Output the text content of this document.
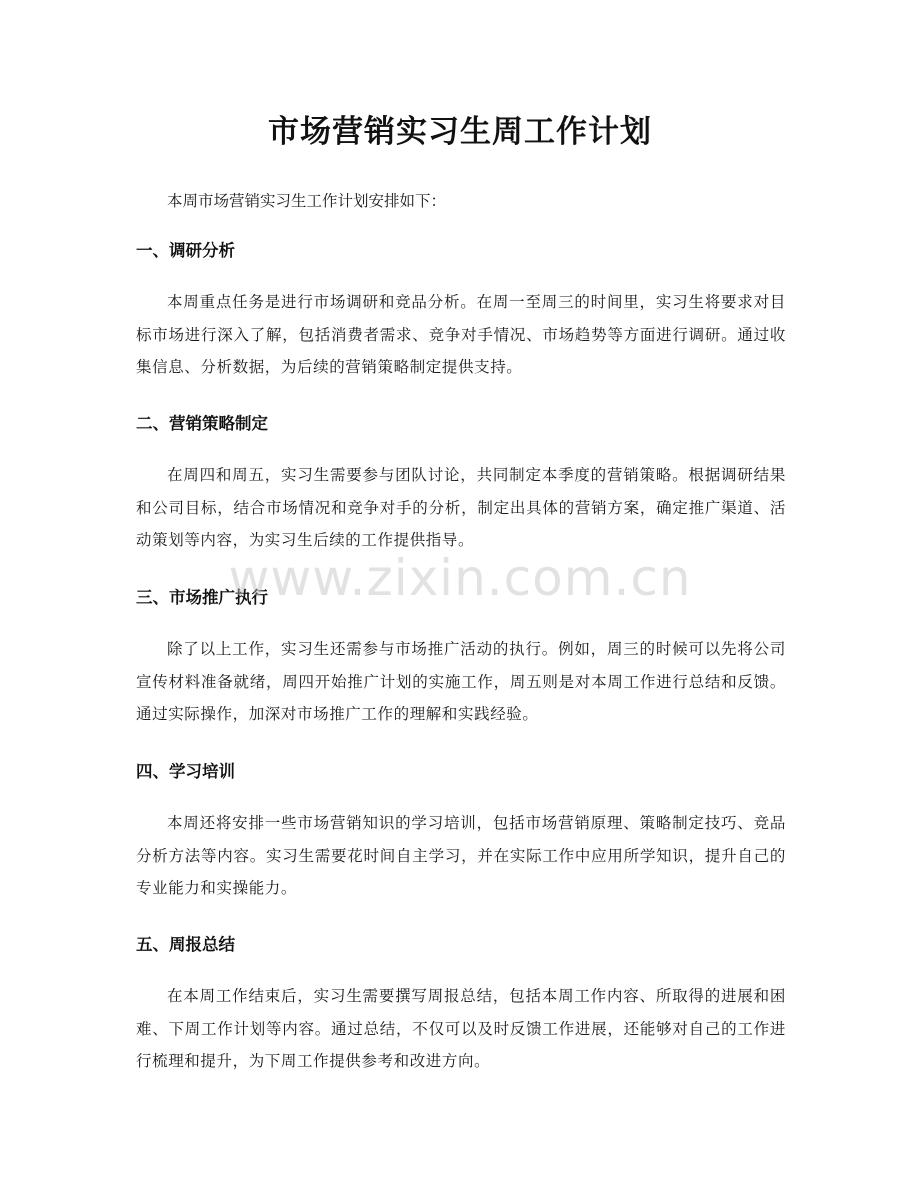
市场营销实习生周工作计划

本周市场营销实习生工作计划安排如下：

一、调研分析

本周重点任务是进行市场调研和竞品分析。在周一至周三的时间里，实习生将要求对目标市场进行深入了解，包括消费者需求、竞争对手情况、市场趋势等方面进行调研。通过收集信息、分析数据，为后续的营销策略制定提供支持。

二、营销策略制定

在周四和周五，实习生需要参与团队讨论，共同制定本季度的营销策略。根据调研结果和公司目标，结合市场情况和竞争对手的分析，制定出具体的营销方案，确定推广渠道、活动策划等内容，为实习生后续的工作提供指导。

三、市场推广执行

除了以上工作，实习生还需参与市场推广活动的执行。例如，周三的时候可以先将公司宣传材料准备就绪，周四开始推广计划的实施工作，周五则是对本周工作进行总结和反馈。通过实际操作，加深对市场推广工作的理解和实践经验。

四、学习培训

本周还将安排一些市场营销知识的学习培训，包括市场营销原理、策略制定技巧、竞品分析方法等内容。实习生需要花时间自主学习，并在实际工作中应用所学知识，提升自己的专业能力和实操能力。

五、周报总结

在本周工作结束后，实习生需要撰写周报总结，包括本周工作内容、所取得的进展和困难、下周工作计划等内容。通过总结，不仅可以及时反馈工作进展，还能够对自己的工作进行梳理和提升，为下周工作提供参考和改进方向。

www.zixin.com.cn
